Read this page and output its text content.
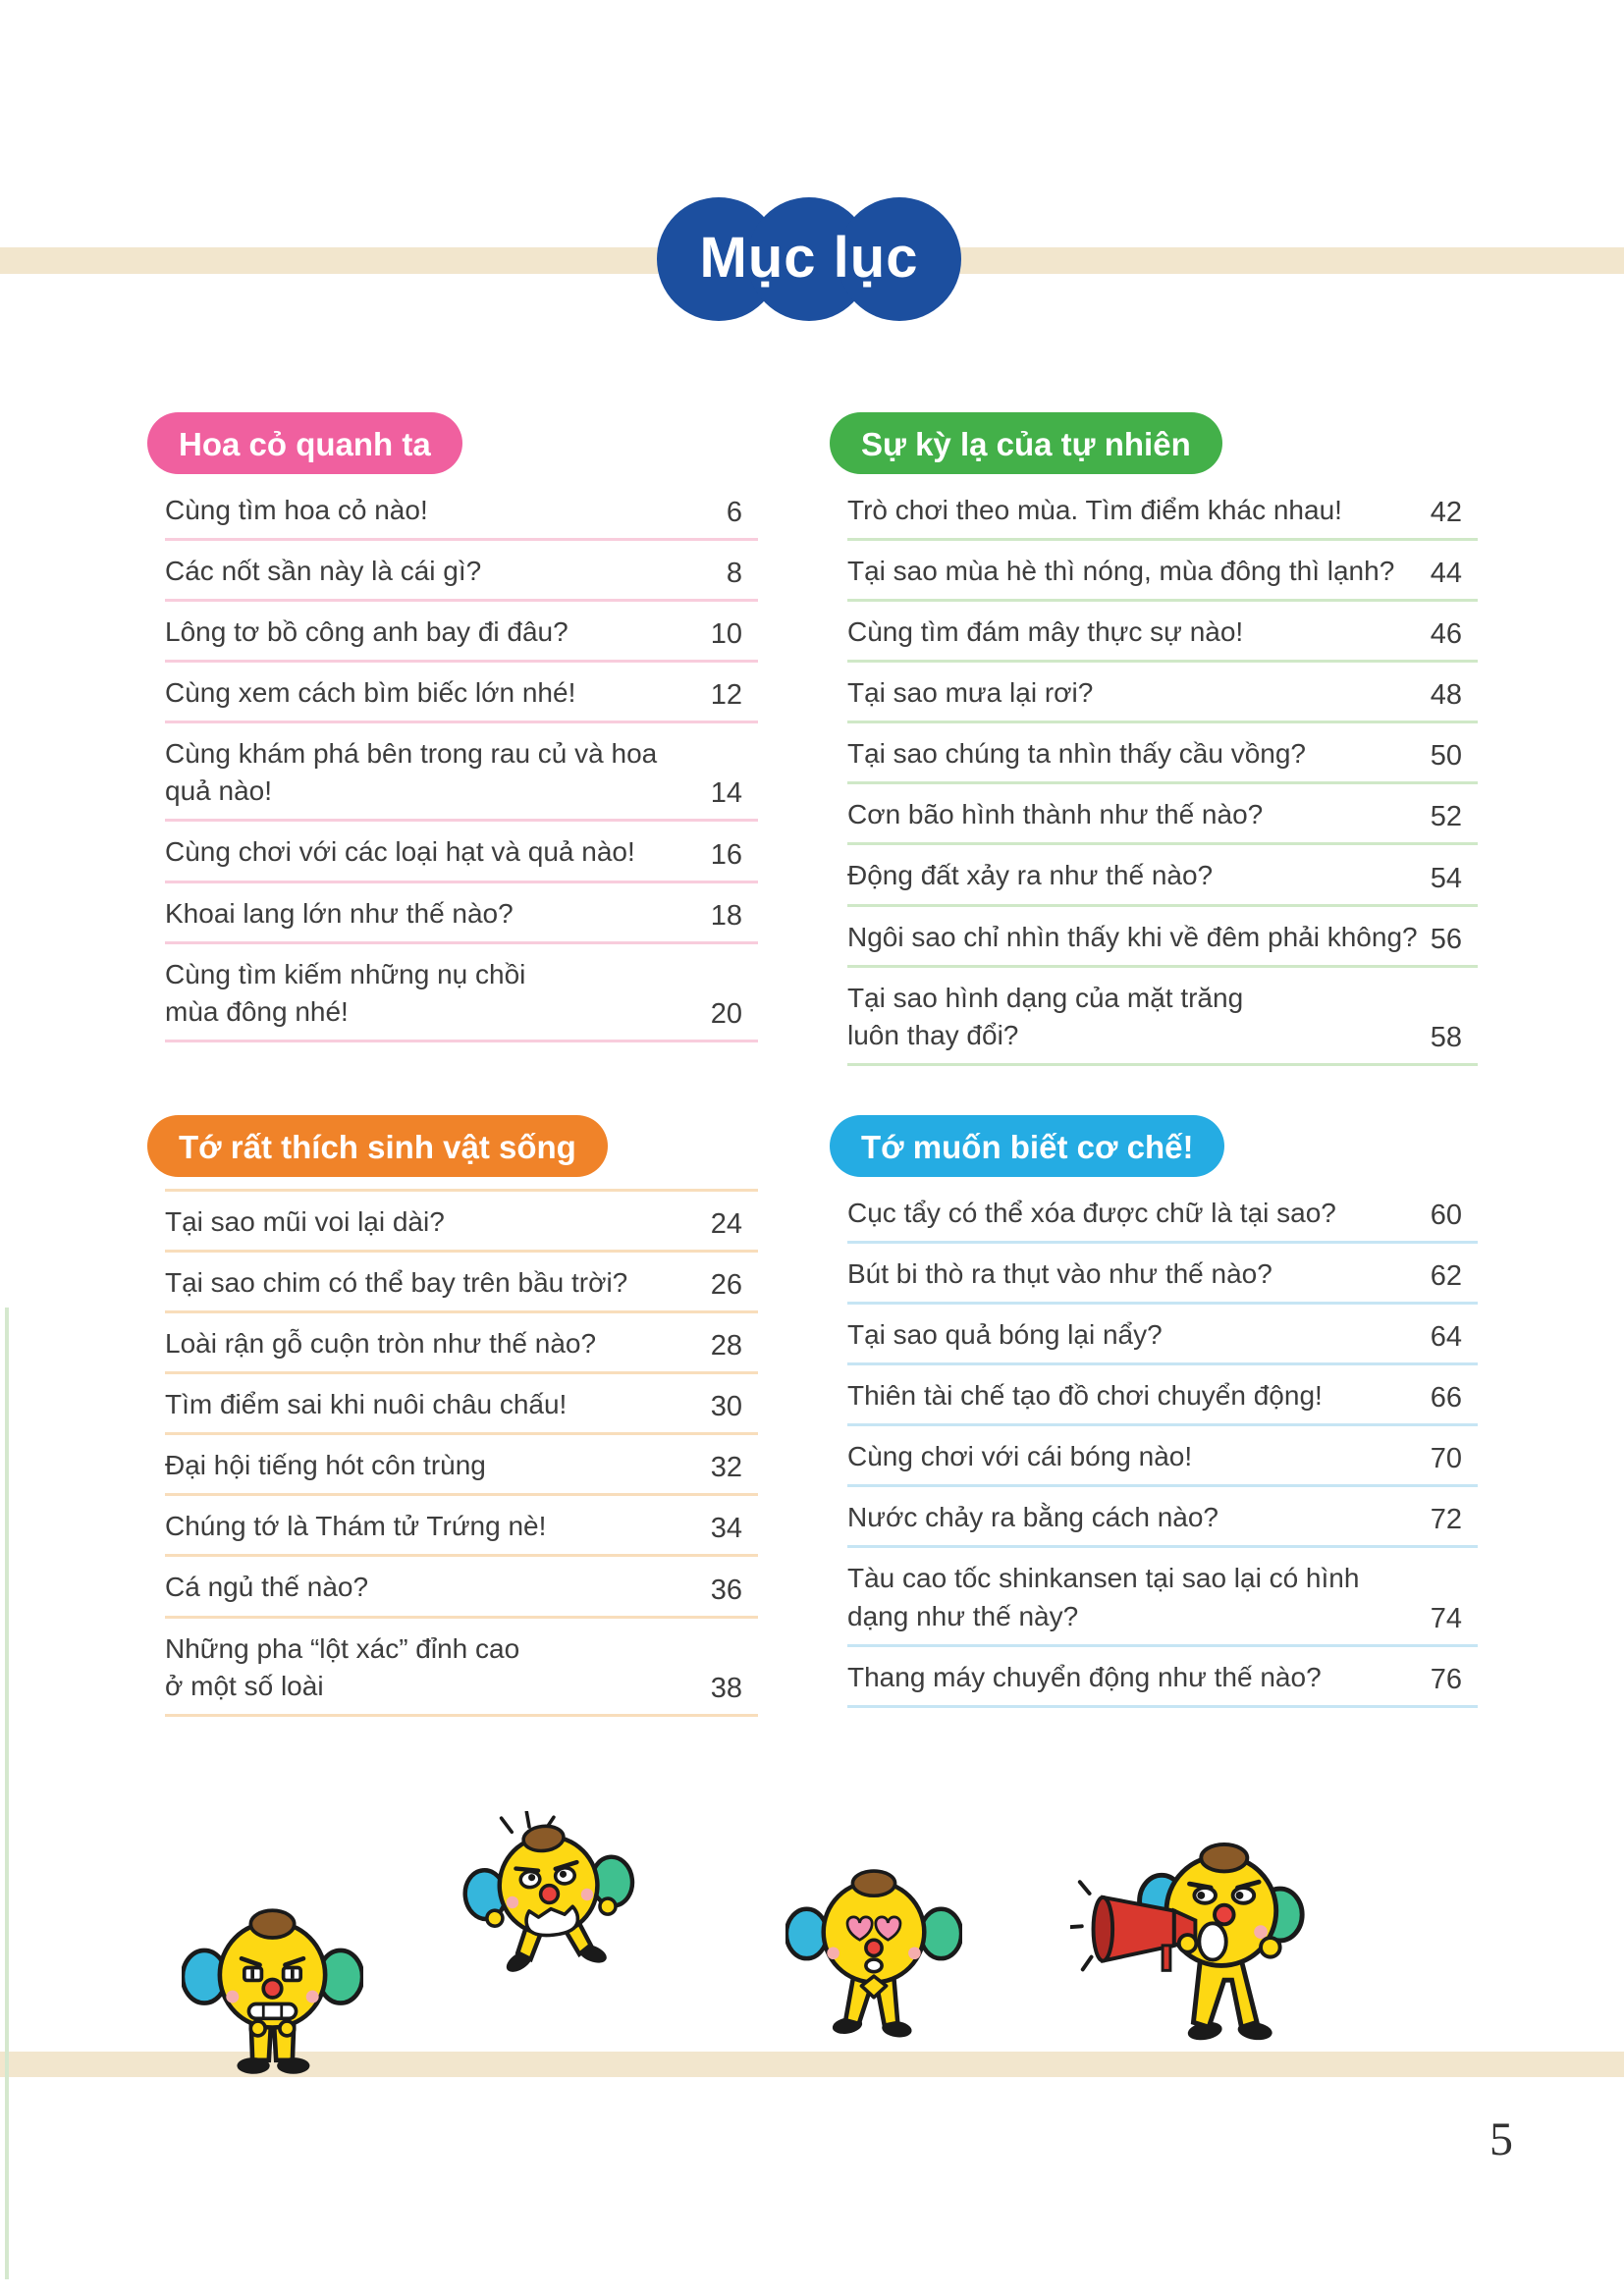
Mục lục
Hoa cỏ quanh ta
Cùng tìm hoa cỏ nào!	6
Các nốt sần này là cái gì?	8
Lông tơ bồ công anh bay đi đâu?	10
Cùng xem cách bìm biếc lớn nhé!	12
Cùng khám phá bên trong rau củ và hoa
quả nào!	14
Cùng chơi với các loại hạt và quả nào!	16
Khoai lang lớn như thế nào?	18
Cùng tìm kiếm những nụ chồi
mùa đông nhé!	20
Sự kỳ lạ của tự nhiên
Trò chơi theo mùa. Tìm điểm khác nhau!	42
Tại sao mùa hè thì nóng, mùa đông thì lạnh? 44
Cùng tìm đám mây thực sự nào!	46
Tại sao mưa lại rơi?	48
Tại sao chúng ta nhìn thấy cầu vồng?	50
Cơn bão hình thành như thế nào?	52
Động đất xảy ra như thế nào?	54
Ngôi sao chỉ nhìn thấy khi về đêm phải không? 56
Tại sao hình dạng của mặt trăng
luôn thay đổi?	58
Tớ rất thích sinh vật sống
Tại sao mũi voi lại dài?	24
Tại sao chim có thể bay trên bầu trời?	26
Loài rận gỗ cuộn tròn như thế nào?	28
Tìm điểm sai khi nuôi châu chấu!	30
Đại hội tiếng hót côn trùng	32
Chúng tớ là Thám tử Trứng nè!	34
Cá ngủ thế nào?	36
Những pha “lột xác” đỉnh cao
ở một số loài	38
Tớ muốn biết cơ chế!
Cục tẩy có thể xóa được chữ là tại sao?	60
Bút bi thò ra thụt vào như thế nào?	62
Tại sao quả bóng lại nẩy?	64
Thiên tài chế tạo đồ chơi chuyển động!	66
Cùng chơi với cái bóng nào!	70
Nước chảy ra bằng cách nào?	72
Tàu cao tốc shinkansen tại sao lại có hình
dạng như thế này?	74
Thang máy chuyển động như thế nào?	76
5
